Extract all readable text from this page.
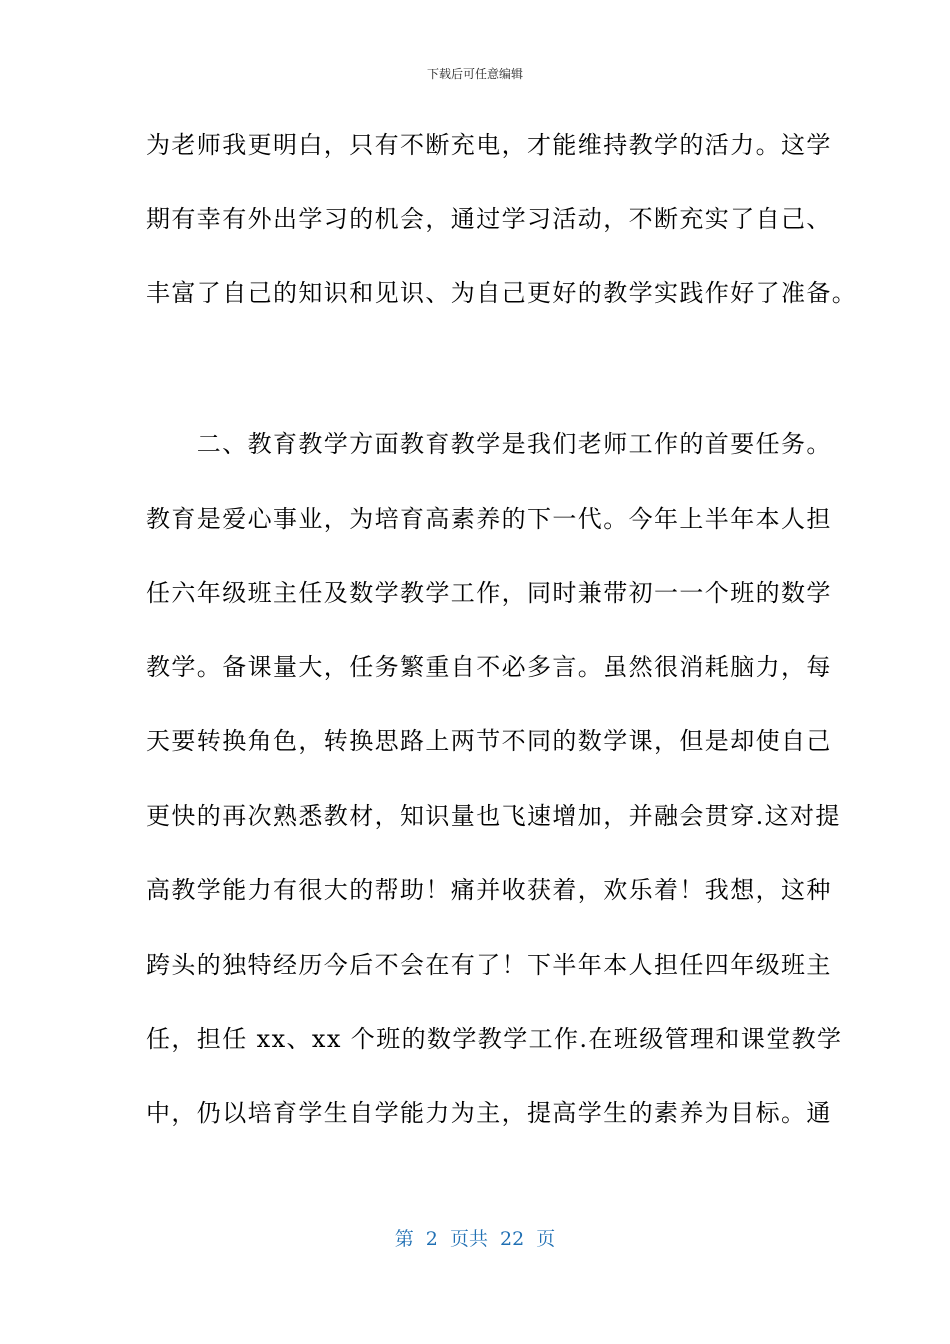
下载后可任意编辑
为老师我更明白，只有不断充电，才能维持教学的活力。这学
期有幸有外出学习的机会，通过学习活动，不断充实了自己、
丰富了自己的知识和见识、为自己更好的教学实践作好了准备。
　　二、教育教学方面教育教学是我们老师工作的首要任务。
教育是爱心事业，为培育高素养的下一代。今年上半年本人担
任六年级班主任及数学教学工作，同时兼带初一一个班的数学
教学。备课量大，任务繁重自不必多言。虽然很消耗脑力，每
天要转换角色，转换思路上两节不同的数学课，但是却使自己
更快的再次熟悉教材，知识量也飞速增加，并融会贯穿.这对提
高教学能力有很大的帮助！痛并收获着，欢乐着！我想，这种
跨头的独特经历今后不会在有了！下半年本人担任四年级班主
任，担任 xx、xx 个班的数学教学工作.在班级管理和课堂教学
中，仍以培育学生自学能力为主，提高学生的素养为目标。通
第  2  页共  22  页
